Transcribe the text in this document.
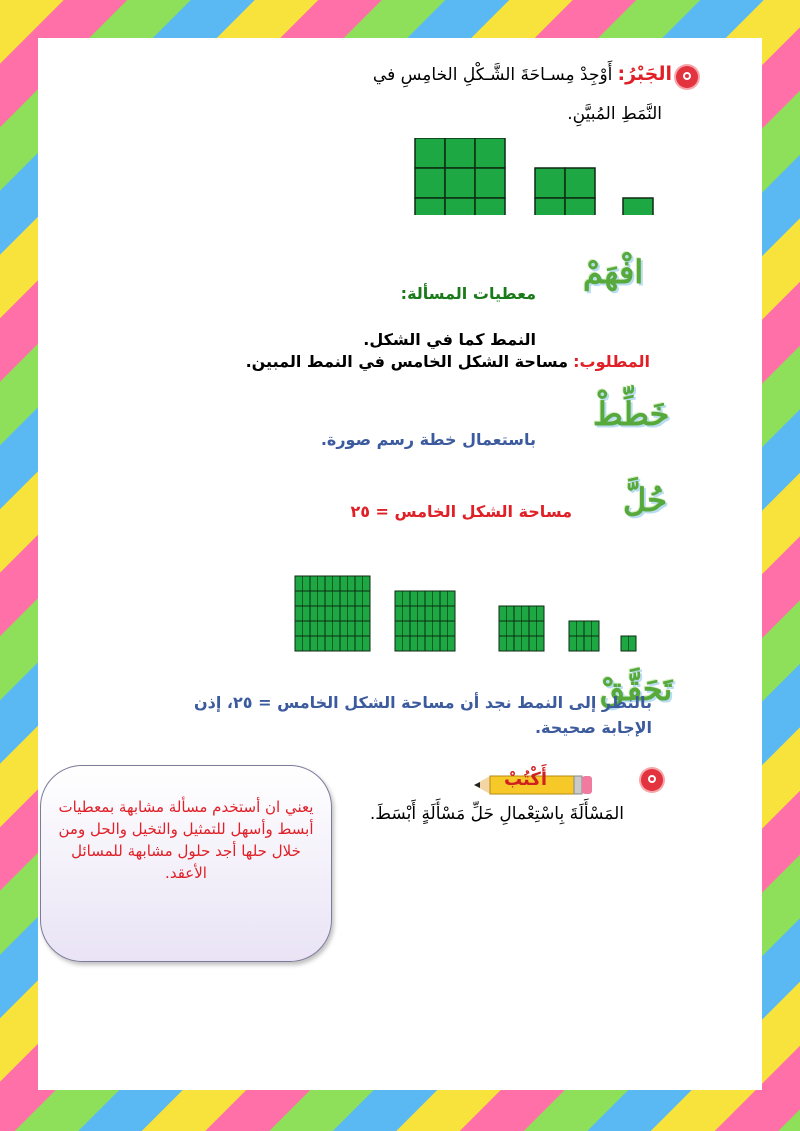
الجَبْرُ: أَوْجِدْ مِسـاحَةَ الشَّـكْلِ الخامِسِ في
النَّمَطِ المُبيَّنِ.
افْهَمْ
معطيات المسألة:
النمط كما في الشكل.
المطلوب: مساحة الشكل الخامس في النمط المبين.
خَطِّطْ
باستعمال خطة رسم صورة.
حُلَّ
مساحة الشكل الخامس = ٢٥
تَحَقَّقْ
بالنظر إلى النمط نجد أن مساحة الشكل الخامس = ٢٥، إذن
الإجابة صحيحة.
أَكْتُبْ
المَسْأَلَةَ بِاسْتِعْمالِ حَلِّ مَسْأَلَةٍ أَبْسَطَ.
يعني ان أستخدم مسألة مشابهة بمعطيات أبسط وأسهل للتمثيل والتخيل والحل ومن خلال حلها أجد حلول مشابهة للمسائل الأعقد.
